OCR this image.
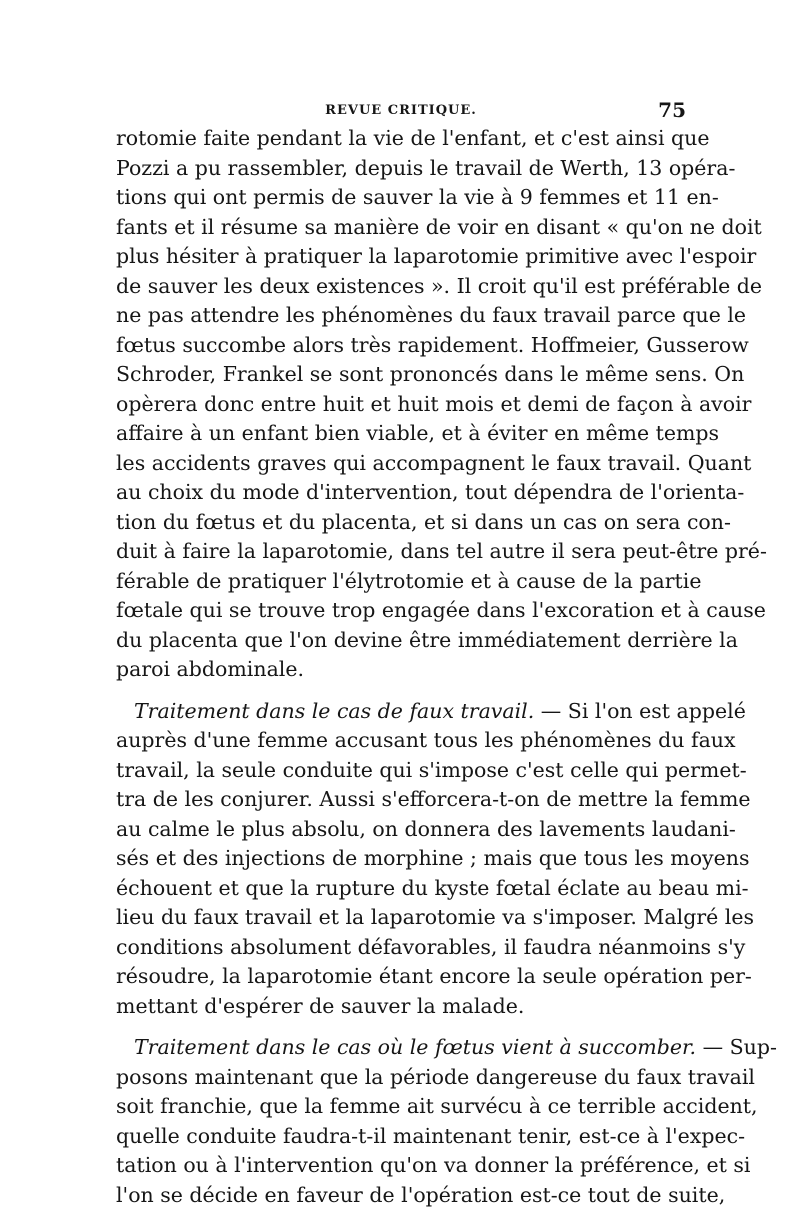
REVUE CRITIQUE.	75
rotomie faite pendant la vie de l'enfant, et c'est ainsi que
Pozzi a pu rassembler, depuis le travail de Werth, 13 opéra-
tions qui ont permis de sauver la vie à 9 femmes et 11 en-
fants et il résume sa manière de voir en disant « qu'on ne doit
plus hésiter à pratiquer la laparotomie primitive avec l'espoir
de sauver les deux existences ». Il croit qu'il est préférable de
ne pas attendre les phénomènes du faux travail parce que le
fœtus succombe alors très rapidement. Hoffmeier, Gusserow
Schroder, Frankel se sont prononcés dans le même sens. On
opèrera donc entre huit et huit mois et demi de façon à avoir
affaire à un enfant bien viable, et à éviter en même temps
les accidents graves qui accompagnent le faux travail. Quant
au choix du mode d'intervention, tout dépendra de l'orienta-
tion du fœtus et du placenta, et si dans un cas on sera con-
duit à faire la laparotomie, dans tel autre il sera peut-être pré-
férable de pratiquer l'élytrotomie et à cause de la partie
fœtale qui se trouve trop engagée dans l'excoration et à cause
du placenta que l'on devine être immédiatement derrière la
paroi abdominale.
Traitement dans le cas de faux travail. — Si l'on est appelé
auprès d'une femme accusant tous les phénomènes du faux
travail, la seule conduite qui s'impose c'est celle qui permet-
tra de les conjurer. Aussi s'efforcera-t-on de mettre la femme
au calme le plus absolu, on donnera des lavements laudani-
sés et des injections de morphine ; mais que tous les moyens
échouent et que la rupture du kyste fœtal éclate au beau mi-
lieu du faux travail et la laparotomie va s'imposer. Malgré les
conditions absolument défavorables, il faudra néanmoins s'y
résoudre, la laparotomie étant encore la seule opération per-
mettant d'espérer de sauver la malade.
Traitement dans le cas où le fœtus vient à succomber. — Sup-
posons maintenant que la période dangereuse du faux travail
soit franchie, que la femme ait survécu à ce terrible accident,
quelle conduite faudra-t-il maintenant tenir, est-ce à l'expec-
tation ou à l'intervention qu'on va donner la préférence, et si
l'on se décide en faveur de l'opération est-ce tout de suite,
